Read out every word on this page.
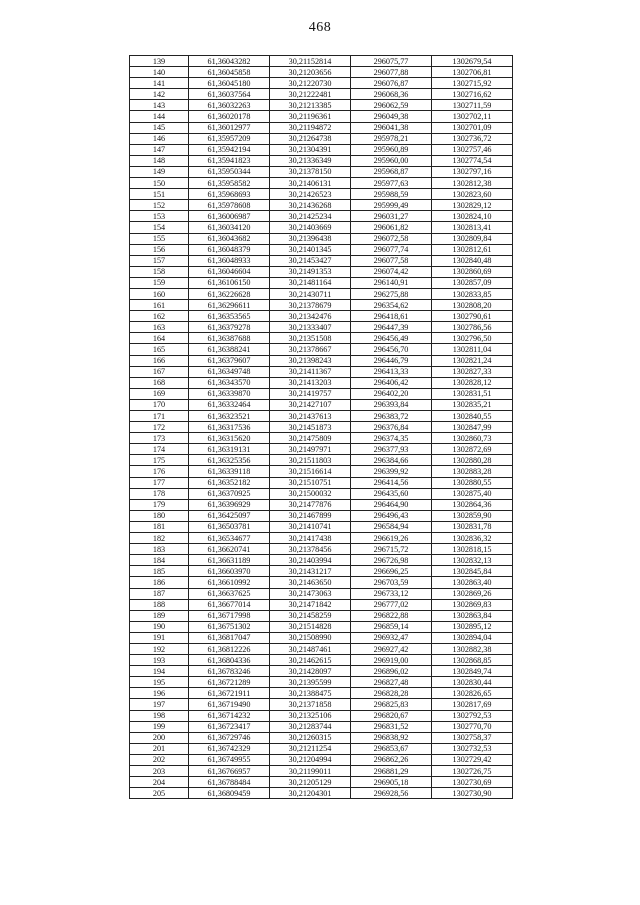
468
139	61,36043282	30,21152814	296075,77	1302679,54
140	61,36045858	30,21203656	296077,88	1302706,81
141	61,36045180	30,21220730	296076,87	1302715,92
142	61,36037564	30,21222481	296068,36	1302716,62
143	61,36032263	30,21213385	296062,59	1302711,59
144	61,36020178	30,21196361	296049,38	1302702,11
145	61,36012977	30,21194872	296041,38	1302701,09
146	61,35957209	30,21264738	295978,21	1302736,72
147	61,35942194	30,21304391	295960,89	1302757,46
148	61,35941823	30,21336349	295960,00	1302774,54
149	61,35950344	30,21378150	295968,87	1302797,16
150	61,35958582	30,21406131	295977,63	1302812,38
151	61,35968693	30,21426523	295988,59	1302823,60
152	61,35978608	30,21436268	295999,49	1302829,12
153	61,36006987	30,21425234	296031,27	1302824,10
154	61,36034120	30,21403669	296061,82	1302813,41
155	61,36043682	30,21396438	296072,58	1302809,84
156	61,36048379	30,21401345	296077,74	1302812,61
157	61,36048933	30,21453427	296077,58	1302840,48
158	61,36046604	30,21491353	296074,42	1302860,69
159	61,36106150	30,21481164	296140,91	1302857,09
160	61,36226628	30,21430711	296275,88	1302833,85
161	61,36296611	30,21378679	296354,62	1302808,20
162	61,36353565	30,21342476	296418,61	1302790,61
163	61,36379278	30,21333407	296447,39	1302786,56
164	61,36387688	30,21351508	296456,49	1302796,50
165	61,36388241	30,21378667	296456,70	1302811,04
166	61,36379607	30,21398243	296446,79	1302821,24
167	61,36349748	30,21411367	296413,33	1302827,33
168	61,36343570	30,21413203	296406,42	1302828,12
169	61,36339870	30,21419757	296402,20	1302831,51
170	61,36332464	30,21427107	296393,84	1302835,21
171	61,36323521	30,21437613	296383,72	1302840,55
172	61,36317536	30,21451873	296376,84	1302847,99
173	61,36315620	30,21475809	296374,35	1302860,73
174	61,36319131	30,21497971	296377,93	1302872,69
175	61,36325356	30,21511803	296384,66	1302880,28
176	61,36339118	30,21516614	296399,92	1302883,28
177	61,36352182	30,21510751	296414,56	1302880,55
178	61,36370925	30,21500032	296435,60	1302875,40
179	61,36396929	30,21477876	296464,90	1302864,36
180	61,36425097	30,21467899	296496,43	1302859,90
181	61,36503781	30,21410741	296584,94	1302831,78
182	61,36534677	30,21417438	296619,26	1302836,32
183	61,36620741	30,21378456	296715,72	1302818,15
184	61,36631189	30,21403994	296726,98	1302832,13
185	61,36603970	30,21431217	296696,25	1302845,84
186	61,36610992	30,21463650	296703,59	1302863,40
187	61,36637625	30,21473063	296733,12	1302869,26
188	61,36677014	30,21471842	296777,02	1302869,83
189	61,36717998	30,21458259	296822,88	1302863,84
190	61,36751302	30,21514828	296859,14	1302895,12
191	61,36817047	30,21508990	296932,47	1302894,04
192	61,36812226	30,21487461	296927,42	1302882,38
193	61,36804336	30,21462615	296919,00	1302868,85
194	61,36783246	30,21428097	296896,02	1302849,74
195	61,36721289	30,21395599	296827,48	1302830,44
196	61,36721911	30,21388475	296828,28	1302826,65
197	61,36719490	30,21371858	296825,83	1302817,69
198	61,36714232	30,21325106	296820,67	1302792,53
199	61,36723417	30,21283744	296831,52	1302770,70
200	61,36729746	30,21260315	296838,92	1302758,37
201	61,36742329	30,21211254	296853,67	1302732,53
202	61,36749955	30,21204994	296862,26	1302729,42
203	61,36766957	30,21199011	296881,29	1302726,75
204	61,36788484	30,21205129	296905,18	1302730,69
205	61,36809459	30,21204301	296928,56	1302730,90
